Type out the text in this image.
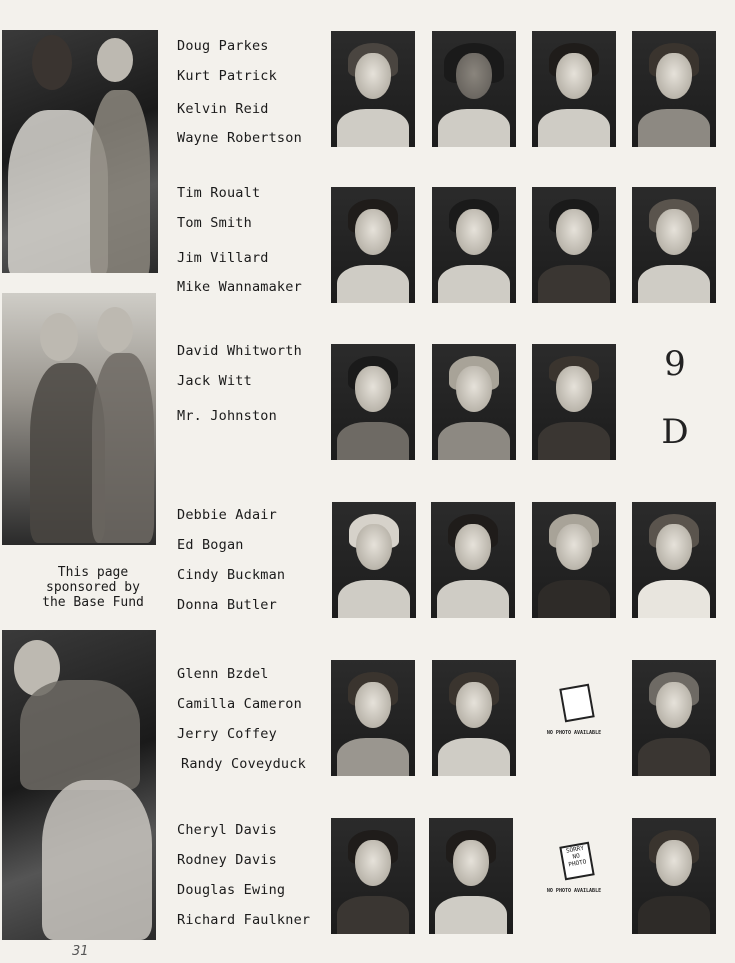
This page
sponsored by
the Base Fund
Doug Parkes
Kurt Patrick
Kelvin Reid
Wayne Robertson
Tim Roualt
Tom Smith
Jim Villard
Mike Wannamaker
David Whitworth
Jack Witt
Mr. Johnston
9
D
Debbie Adair
Ed Bogan
Cindy Buckman
Donna Butler
Glenn Bzdel
Camilla Cameron
Jerry Coffey
Randy Coveyduck
NO PHOTO AVAILABLE
Cheryl Davis
Rodney Davis
Douglas Ewing
Richard Faulkner
SORRY NO PHOTO
NO PHOTO AVAILABLE
31
